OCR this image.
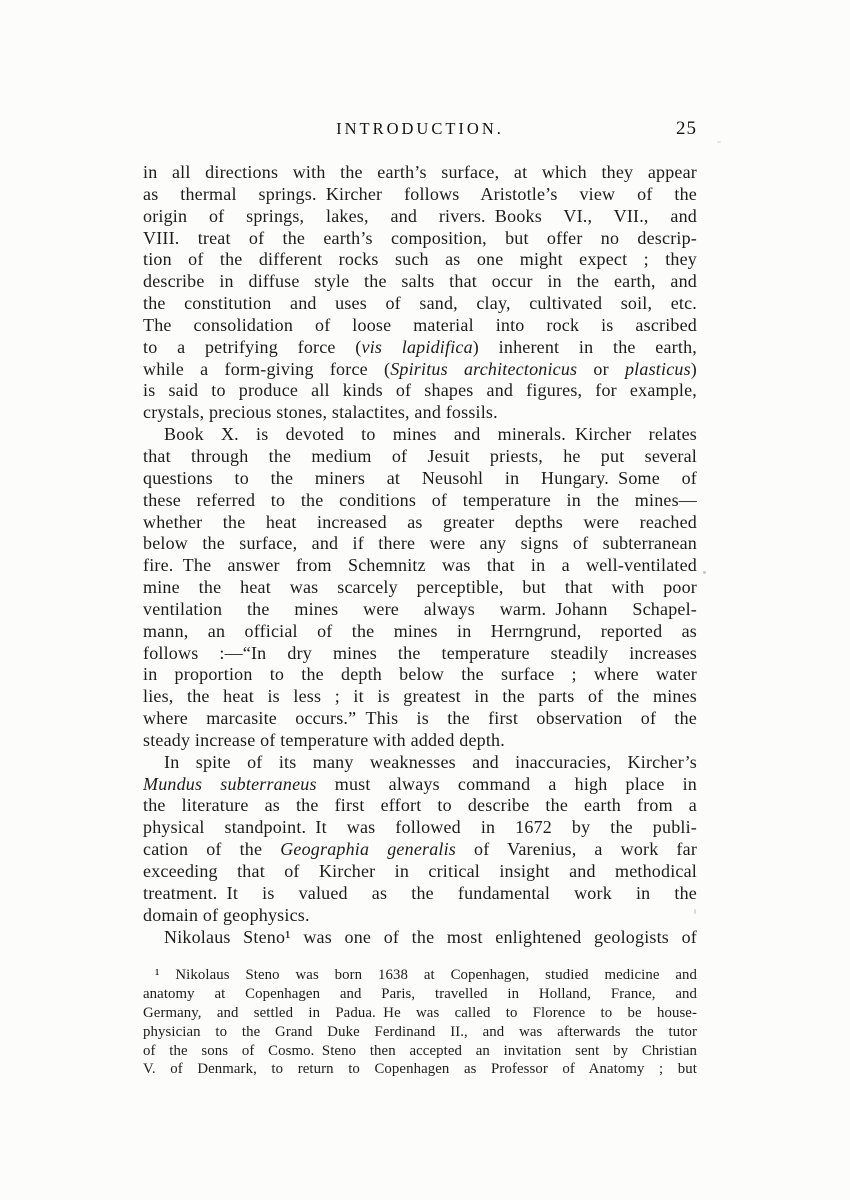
INTRODUCTION.	25
in all directions with the earth’s surface, at which they appear
as thermal springs. Kircher follows Aristotle’s view of the
origin of springs, lakes, and rivers. Books VI., VII., and
VIII. treat of the earth’s composition, but offer no descrip-
tion of the different rocks such as one might expect ; they
describe in diffuse style the salts that occur in the earth, and
the constitution and uses of sand, clay, cultivated soil, etc.
The consolidation of loose material into rock is ascribed
to a petrifying force (vis lapidifica) inherent in the earth,
while a form-giving force (Spiritus architectonicus or plasticus)
is said to produce all kinds of shapes and figures, for example,
crystals, precious stones, stalactites, and fossils.
Book X. is devoted to mines and minerals. Kircher relates
that through the medium of Jesuit priests, he put several
questions to the miners at Neusohl in Hungary. Some of
these referred to the conditions of temperature in the mines—
whether the heat increased as greater depths were reached
below the surface, and if there were any signs of subterranean
fire. The answer from Schemnitz was that in a well-ventilated
mine the heat was scarcely perceptible, but that with poor
ventilation the mines were always warm. Johann Schapel-
mann, an official of the mines in Herrngrund, reported as
follows :—“In dry mines the temperature steadily increases
in proportion to the depth below the surface ; where water
lies, the heat is less ; it is greatest in the parts of the mines
where marcasite occurs.” This is the first observation of the
steady increase of temperature with added depth.
In spite of its many weaknesses and inaccuracies, Kircher’s
Mundus subterraneus must always command a high place in
the literature as the first effort to describe the earth from a
physical standpoint. It was followed in 1672 by the publi-
cation of the Geographia generalis of Varenius, a work far
exceeding that of Kircher in critical insight and methodical
treatment. It is valued as the fundamental work in the
domain of geophysics.
Nikolaus Steno¹ was one of the most enlightened geologists of
¹ Nikolaus Steno was born 1638 at Copenhagen, studied medicine and
anatomy at Copenhagen and Paris, travelled in Holland, France, and
Germany, and settled in Padua. He was called to Florence to be house-
physician to the Grand Duke Ferdinand II., and was afterwards the tutor
of the sons of Cosmo. Steno then accepted an invitation sent by Christian
V. of Denmark, to return to Copenhagen as Professor of Anatomy ; but
